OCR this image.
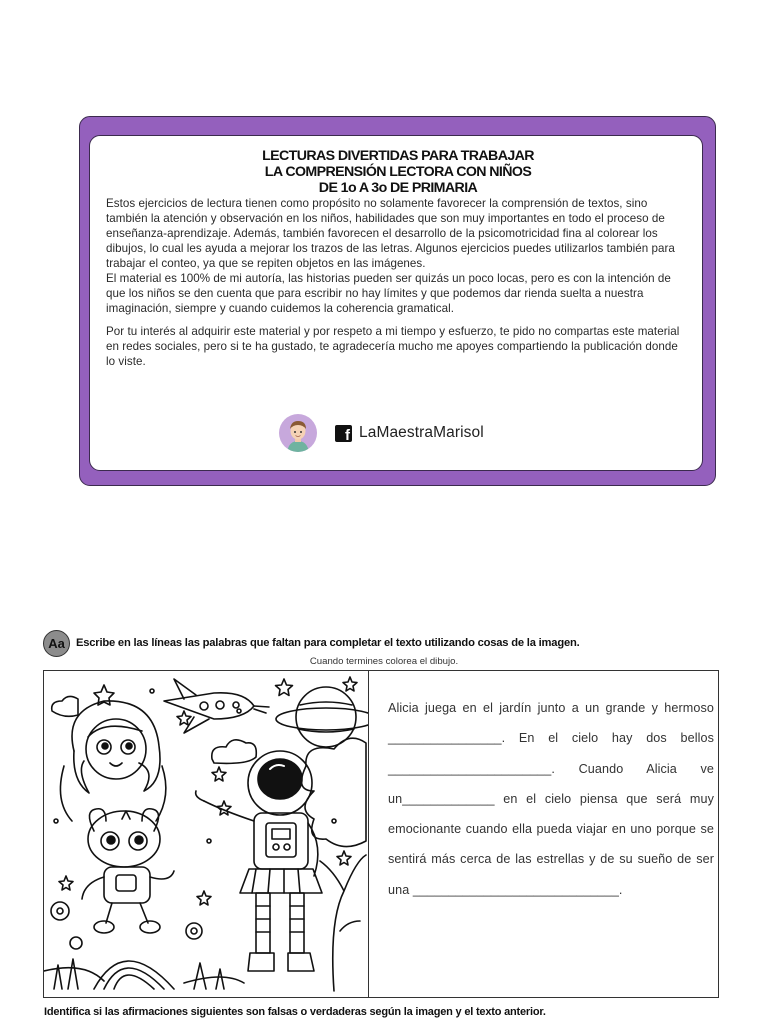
LECTURAS DIVERTIDAS PARA TRABAJAR
LA COMPRENSIÓN LECTORA CON NIÑOS
DE 1o A 3o DE PRIMARIA

Estos ejercicios de lectura tienen como propósito no solamente favorecer la comprensión de textos, sino también la atención y observación en los niños, habilidades que son muy importantes en todo el proceso de enseñanza-aprendizaje. Además, también favorecen el desarrollo de la psicomotricidad fina al colorear los dibujos, lo cual les ayuda a mejorar los trazos de las letras. Algunos ejercicios puedes utilizarlos también para trabajar el conteo, ya que se repiten objetos en las imágenes.

El material es 100% de mi autoría, las historias pueden ser quizás un poco locas, pero es con la intención de que los niños se den cuenta que para escribir no hay límites y que podemos dar rienda suelta a nuestra imaginación, siempre y cuando cuidemos la coherencia gramatical.

Por tu interés al adquirir este material y por respeto a mi tiempo y esfuerzo, te pido no compartas este material en redes sociales, pero si te ha gustado, te agradecería mucho me apoyes compartiendo la publicación donde lo viste.

f
LaMaestraMarisol
Aa Escribe en las líneas las palabras que faltan para completar el texto utilizando cosas de la imagen.
Cuando termines colorea el dibujo.

Alicia juega en el jardín junto a un grande y hermoso ________________. En el cielo hay dos bellos _______________________. Cuando Alicia ve un_____________ en el cielo piensa que será muy emocionante cuando ella pueda viajar en uno porque se sentirá más cerca de las estrellas y de su sueño de ser una _____________________________.

Identifica si las afirmaciones siguientes son falsas o verdaderas según la imagen y el texto anterior.
